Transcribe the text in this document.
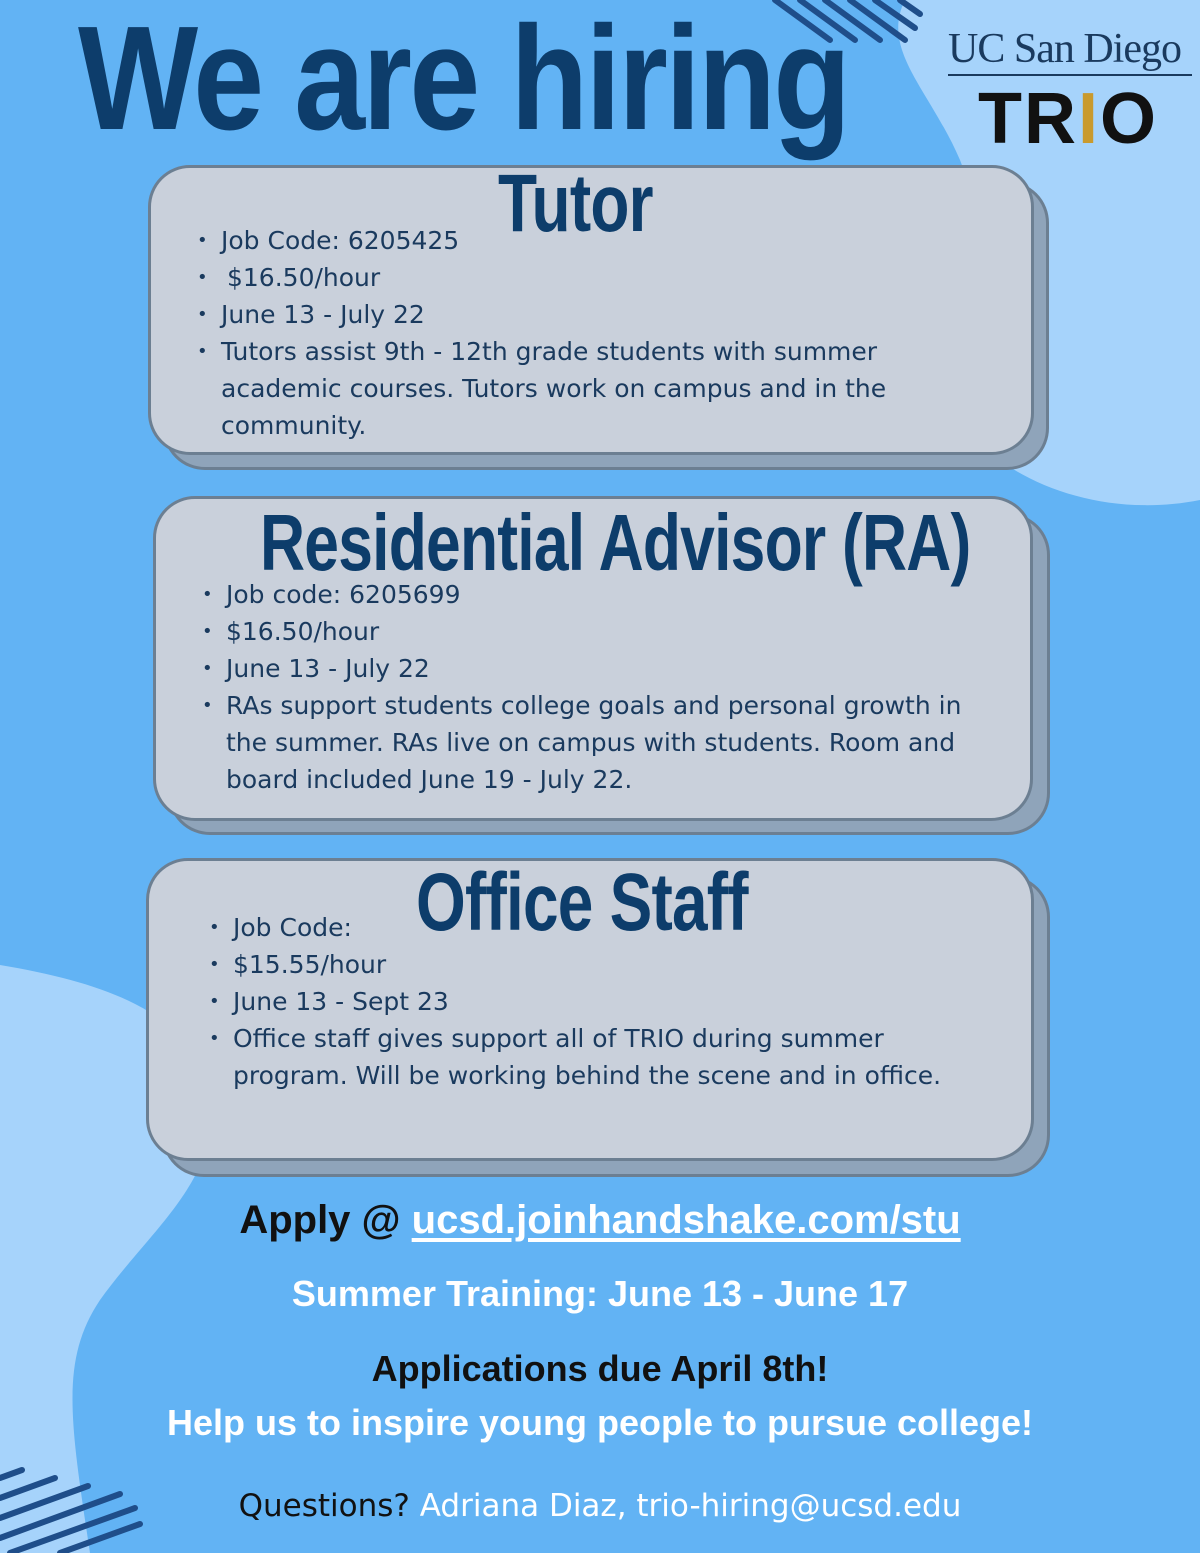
We are hiring UC San Diego
TRIO
Tutor
• Job Code: 6205425
• $16.50/hour
• June 13 - July 22
• Tutors assist 9th - 12th grade students with summer academic courses. Tutors work on campus and in the community.
Residential Advisor (RA)
• Job code: 6205699
• $16.50/hour
• June 13 - July 22
• RAs support students college goals and personal growth in the summer. RAs live on campus with students. Room and board included June 19 - July 22.
Office Staff
• Job Code:
• $15.55/hour
• June 13 - Sept 23
• Office staff gives support all of TRIO during summer program. Will be working behind the scene and in office.
Apply @ ucsd.joinhandshake.com/stu
Summer Training: June 13 - June 17
Applications due April 8th!
Help us to inspire young people to pursue college!
Questions? Adriana Diaz, trio-hiring@ucsd.edu
